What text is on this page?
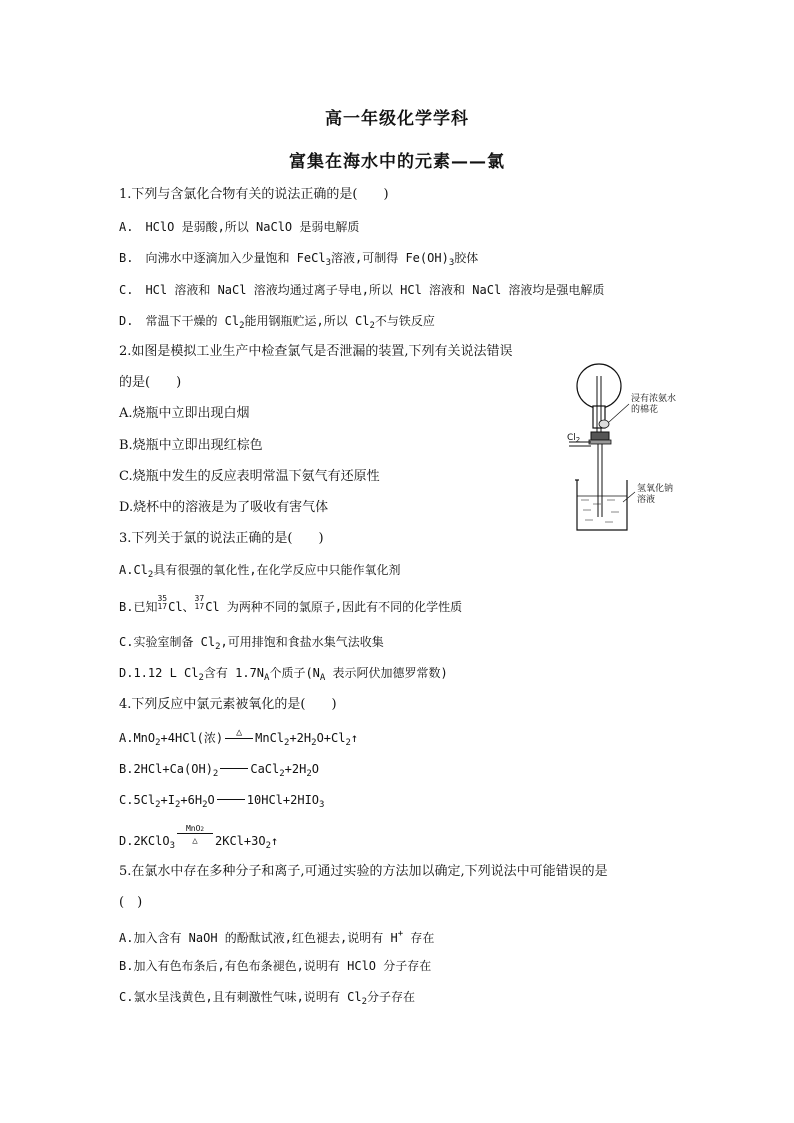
高一年级化学学科
富集在海水中的元素——氯
1.下列与含氯化合物有关的说法正确的是(　　)
A.　HClO 是弱酸,所以 NaClO 是弱电解质
B.　向沸水中逐滴加入少量饱和 FeCl$_3$溶液,可制得 $Fe(OH)_3$胶体
C.　HCl 溶液和 NaCl 溶液均通过离子导电,所以 HCl 溶液和 NaCl 溶液均是强电解质
D.　常温下干燥的 $Cl_2$能用钢瓶贮运,所以 $Cl_2$不与铁反应
2.如图是模拟工业生产中检查氯气是否泄漏的装置,下列有关说法错误
的是(　　)
A.烧瓶中立即出现白烟
B.烧瓶中立即出现红棕色
C.烧瓶中发生的反应表明常温下氨气有还原性
D.烧杯中的溶液是为了吸收有害气体
浸有浓氨水
的棉花
$Cl_2$
氢氧化钠
溶液
3.下列关于氯的说法正确的是(　　)
$A.Cl_2$具有很强的氧化性,在化学反应中只能作氧化剂
B.已知
35
17 Cl、
37
17 Cl 为两种不同的氯原子,因此有不同的化学性质
C.实验室制备 $Cl_2$,可用排饱和食盐水集气法收集
D.1.12 L $Cl_2$含有 $1.7N_A$个质子($N_A$ 表示阿伏加德罗常数)
4.下列反应中氯元素被氧化的是(　　)
A.MnO$_2$+4HCl(浓)	△	$MnCl_2+2H_2O+Cl_2↑$
$B.2HCl+Ca(OH)_2$	$CaCl_2+2H_2O$
$C.5Cl_2+I_2+6H_2O$	$10HCl+2HIO_3$
D.2KClO$_3$
MnO2
△	$2KCl+3O_2↑$
5.在氯水中存在多种分子和离子,可通过实验的方法加以确定,下列说法中可能错误的是
(　)
A.加入含有 NaOH 的酚酞试液,红色褪去,说明有 H+ 存在
B.加入有色布条后,有色布条褪色,说明有 HClO 分子存在
C.氯水呈浅黄色,且有刺激性气味,说明有 $Cl_2$分子存在
